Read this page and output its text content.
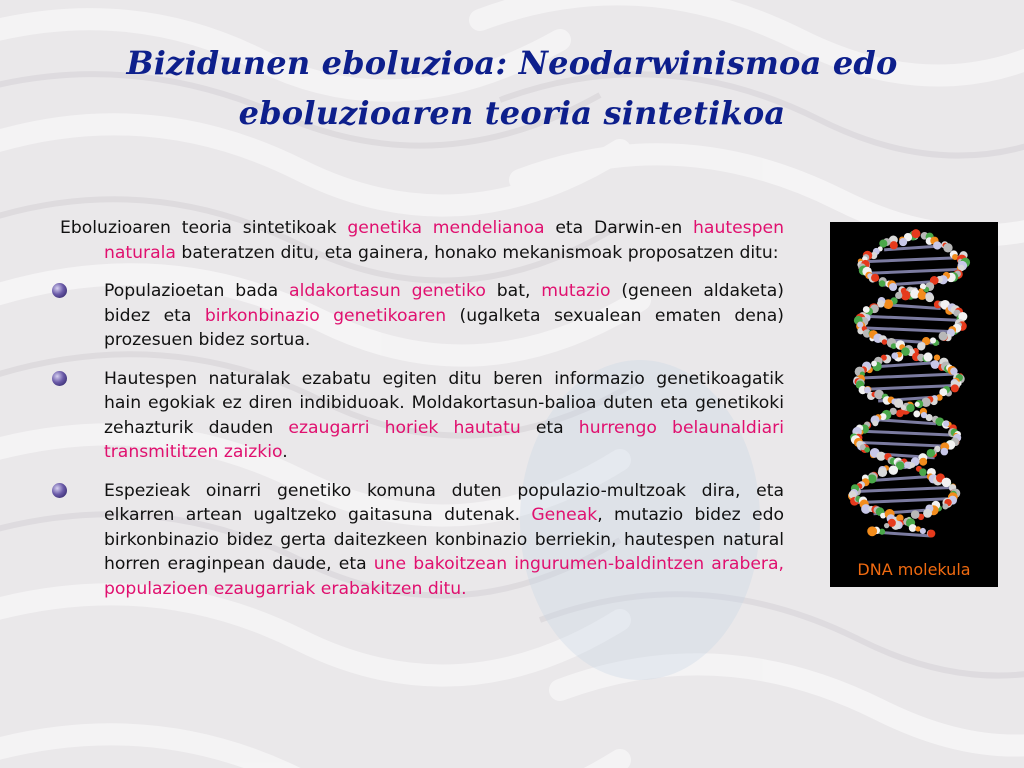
Bizidunen eboluzioa: Neodarwinismoa edo
eboluzioaren teoria sintetikoa

Eboluzioaren teoria sintetikoak genetika mendelianoa eta Darwin-en hautespen naturala bateratzen ditu, eta gainera, honako mekanismoak proposatzen ditu:

Populazioetan bada aldakortasun genetiko bat, mutazio (geneen aldaketa) bidez eta birkonbinazio genetikoaren (ugalketa sexualean ematen dena) prozesuen bidez sortua.
Hautespen naturalak ezabatu egiten ditu beren informazio genetikoagatik hain egokiak ez diren indibiduoak. Moldakortasun-balioa duten eta genetikoki zehazturik dauden ezaugarri horiek hautatu eta hurrengo belaunaldiari transmititzen zaizkio.
Espezieak oinarri genetiko komuna duten populazio-multzoak dira, eta elkarren artean ugaltzeko gaitasuna dutenak. Geneak, mutazio bidez edo birkonbinazio bidez gerta daitezkeen konbinazio berriekin, hautespen natural horren eraginpean daude, eta une bakoitzean ingurumen-baldintzen arabera, populazioen ezaugarriak erabakitzen ditu.
DNA molekula
